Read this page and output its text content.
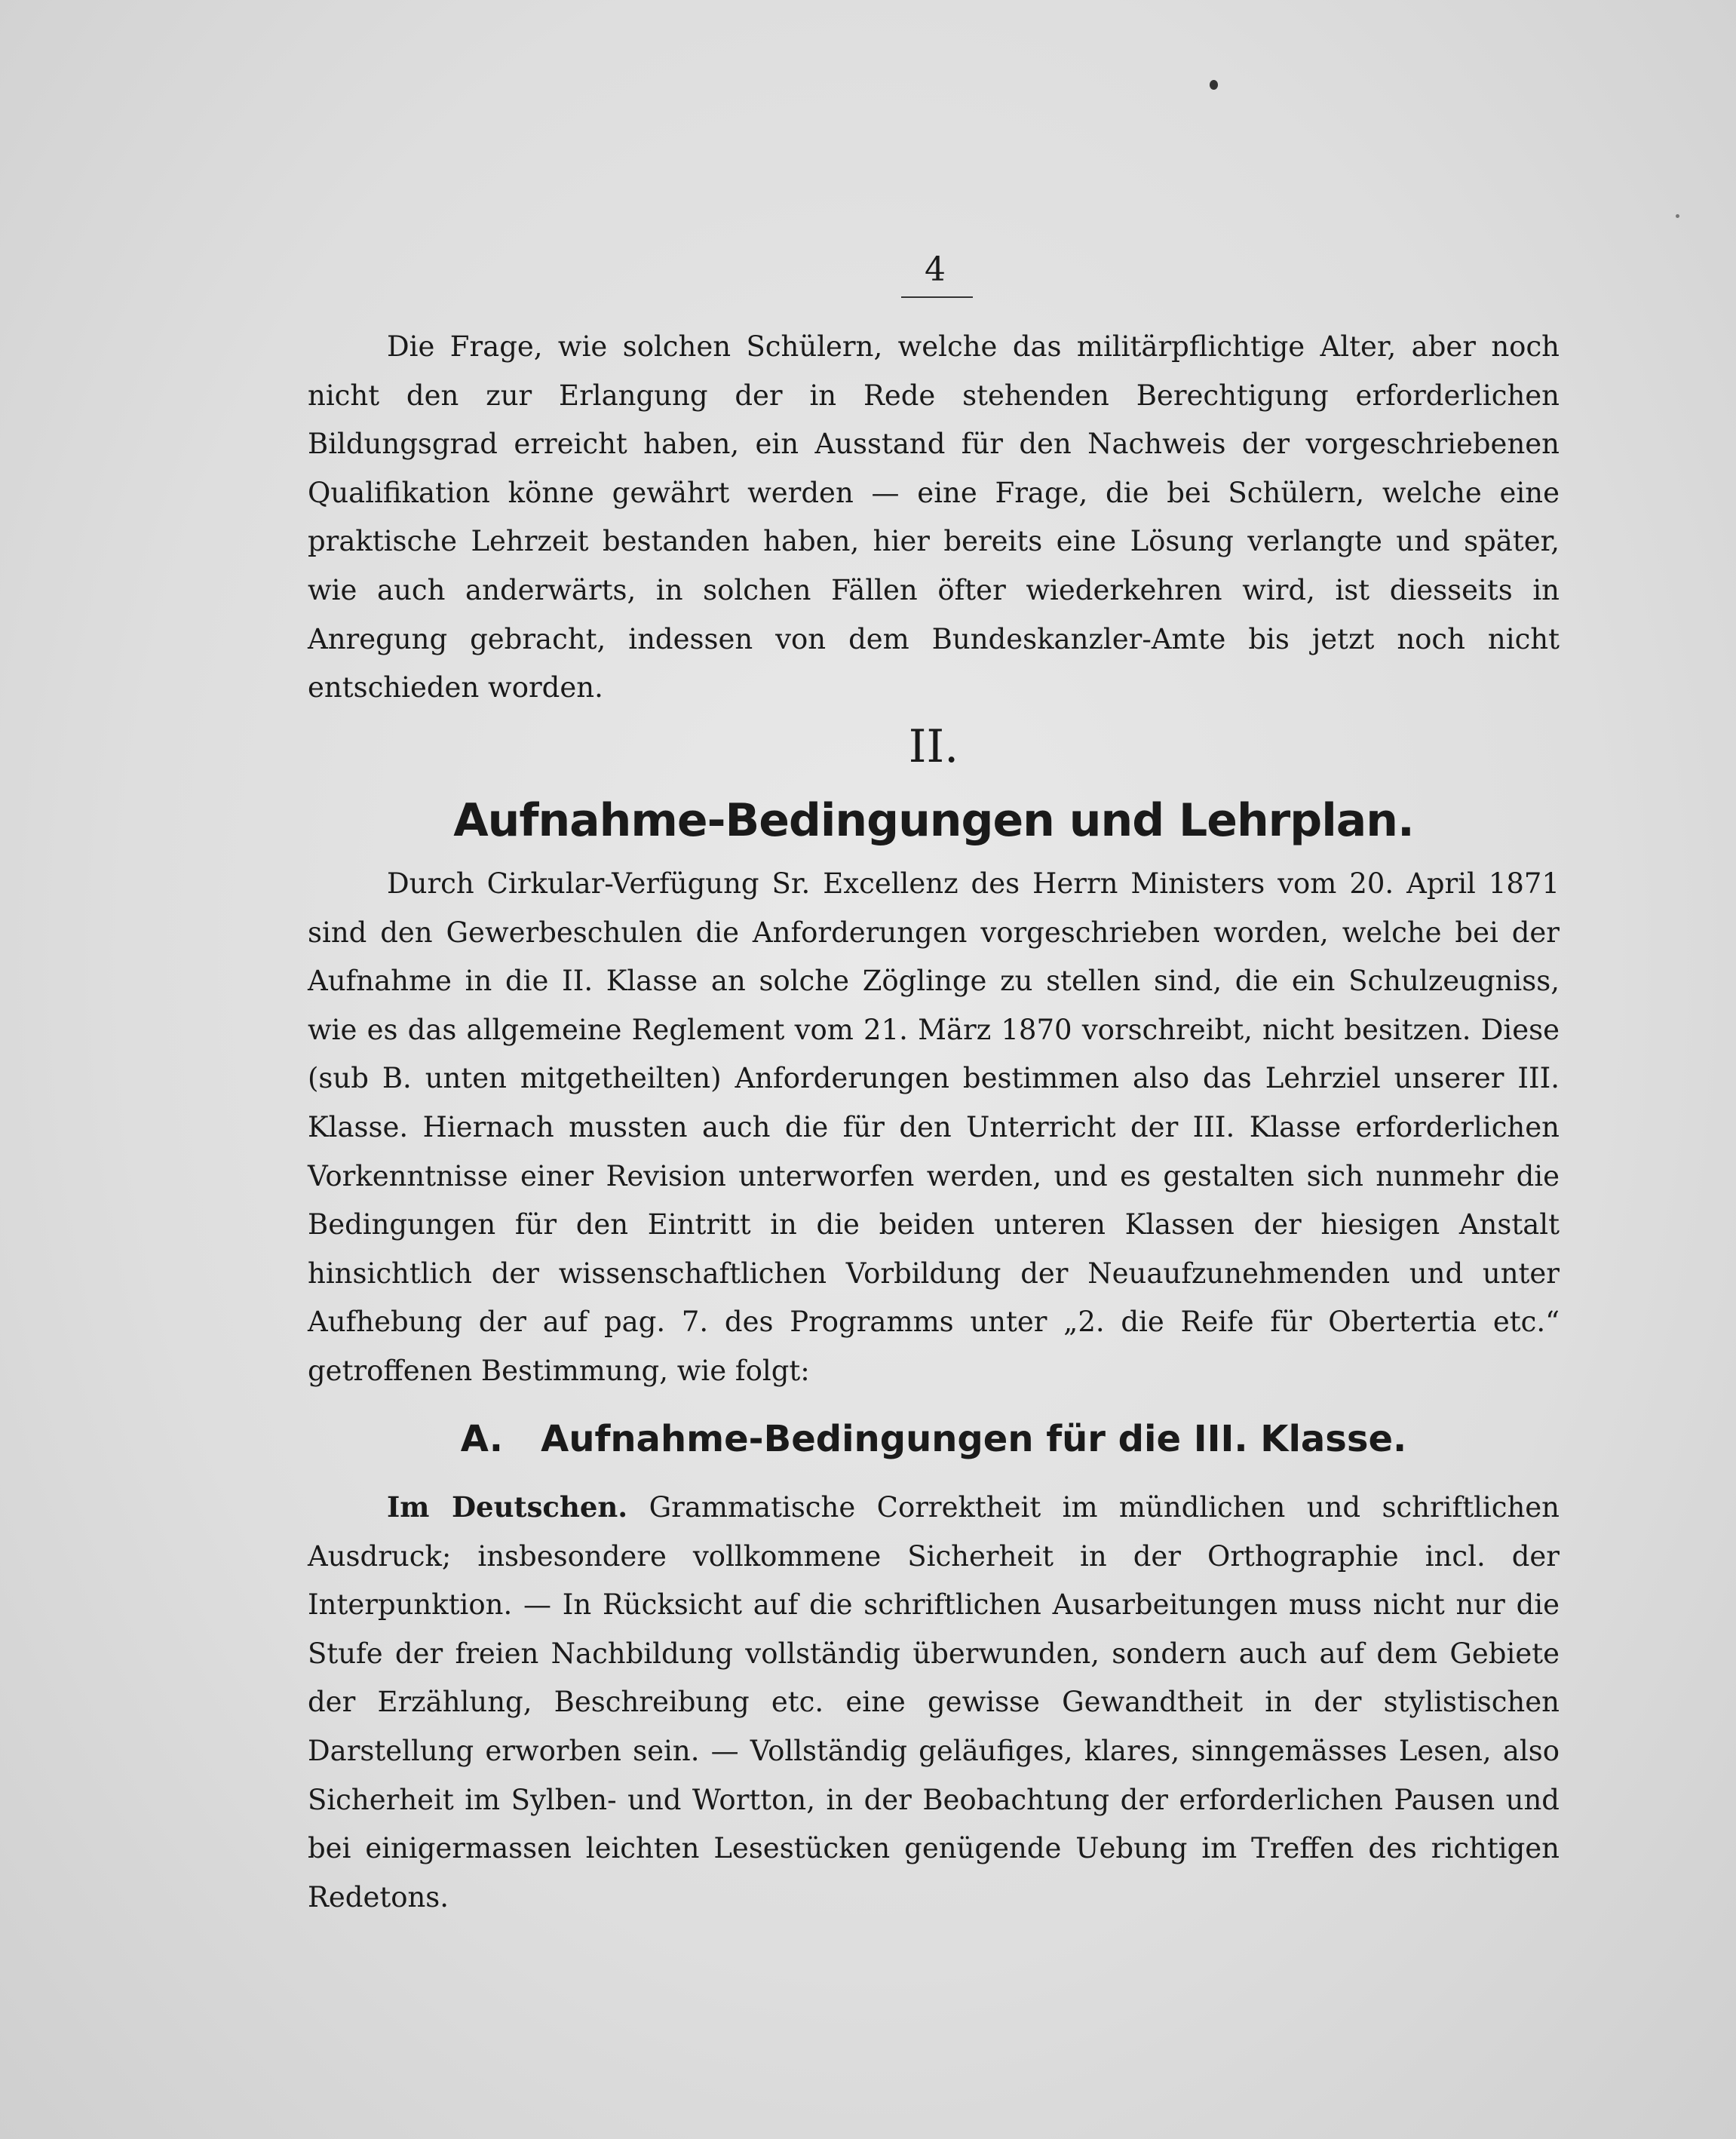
4

Die Frage, wie solchen Schülern, welche das militärpflichtige Alter, aber noch nicht den zur Erlangung der in Rede stehenden Berechtigung erforderlichen Bildungsgrad erreicht haben, ein Ausstand für den Nachweis der vorgeschriebenen Qualifikation könne gewährt werden — eine Frage, die bei Schülern, welche eine praktische Lehrzeit bestanden haben, hier bereits eine Lösung verlangte und später, wie auch anderwärts, in solchen Fällen öfter wiederkehren wird, ist diesseits in Anregung gebracht, indessen von dem Bundeskanzler-Amte bis jetzt noch nicht entschieden worden.

II.
Aufnahme-Bedingungen und Lehrplan.

Durch Cirkular-Verfügung Sr. Excellenz des Herrn Ministers vom 20. April 1871 sind den Gewerbeschulen die Anforderungen vorgeschrieben worden, welche bei der Aufnahme in die II. Klasse an solche Zöglinge zu stellen sind, die ein Schulzeugniss, wie es das allgemeine Reglement vom 21. März 1870 vorschreibt, nicht besitzen. Diese (sub B. unten mitgetheilten) Anforderungen bestimmen also das Lehrziel unserer III. Klasse. Hiernach mussten auch die für den Unterricht der III. Klasse erforderlichen Vorkenntnisse einer Revision unterworfen werden, und es gestalten sich nunmehr die Bedingungen für den Eintritt in die beiden unteren Klassen der hiesigen Anstalt hinsichtlich der wissenschaftlichen Vorbildung der Neuaufzunehmenden und unter Aufhebung der auf pag. 7. des Programms unter „2. die Reife für Obertertia etc.“ getroffenen Bestimmung, wie folgt:

A.   Aufnahme-Bedingungen für die III. Klasse.

Im Deutschen. Grammatische Correktheit im mündlichen und schriftlichen Ausdruck; insbesondere vollkommene Sicherheit in der Orthographie incl. der Interpunktion. — In Rücksicht auf die schriftlichen Ausarbeitungen muss nicht nur die Stufe der freien Nachbildung vollständig überwunden, sondern auch auf dem Gebiete der Erzählung, Beschreibung etc. eine gewisse Gewandtheit in der stylistischen Darstellung erworben sein. — Vollständig geläufiges, klares, sinngemässes Lesen, also Sicherheit im Sylben- und Wortton, in der Beobachtung der erforderlichen Pausen und bei einigermassen leichten Lesestücken genügende Uebung im Treffen des richtigen Redetons.
